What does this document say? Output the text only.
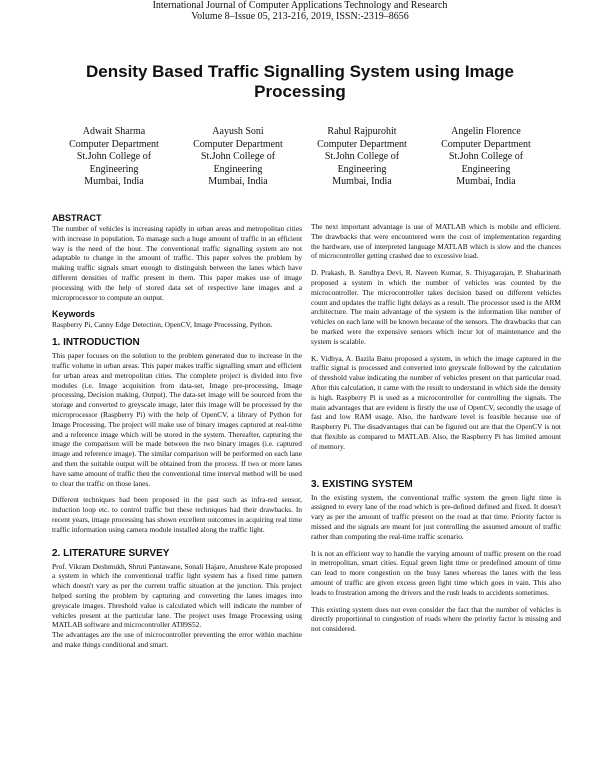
International Journal of Computer Applications Technology and Research
Volume 8–Issue 05, 213-216, 2019, ISSN:-2319–8656
Density Based Traffic Signalling System using Image Processing
Adwait Sharma
Computer Department
St.John College of
Engineering
Mumbai, India
Aayush Soni
Computer Department
St.John College of
Engineering
Mumbai, India
Rahul Rajpurohit
Computer Department
St.John College of
Engineering
Mumbai, India
Angelin Florence
Computer Department
St.John College of
Engineering
Mumbai, India
ABSTRACT

The number of vehicles is increasing rapidly in urban areas and metropolitan cities with increase in population. To manage such a huge amount of traffic in an efficient way is the need of the hour. The conventional traffic signalling system are not adaptable to change in the amount of traffic. This paper solves the problem by making traffic signals smart enough to distinguish between the lanes which have different densities of traffic present in them. This paper makes use of image processing with the help of stored data set of respective lane images and a microprocessor to compute an output.

Keywords

Raspberry Pi, Canny Edge Detection, OpenCV, Image Processing, Python.

1. INTRODUCTION

This paper focuses on the solution to the problem generated due to increase in the traffic volume in urban areas. This paper makes traffic signalling smart and efficient for urban areas and metropolitan cities. The complete project is divided into five modules (i.e. Image acquisition from data-set, Image pre-processing, Image processing, Decision making, Output). The data-set image will be sourced from the storage and converted to greyscale image, later this image will be processed by the microprocessor (Raspberry Pi) with the help of OpenCV, a library of Python for Image Processing. The project will make use of binary images captured at real-time and a reference image which will be stored in the system. Thereafter, capturing the image the comparison will be made between the two binary images (i.e. captured image and reference image). The similar comparison will be performed on each lane and then the suitable output will be obtained from the process. If two or more lanes have same amount of traffic then the conventional time interval method will be used to clear the traffic on those lanes.

Different techniques had been proposed in the past such as infra-red sensor, induction loop etc. to control traffic but these techniques had their drawbacks. In recent years, image processing has shown excellent outcomes in acquiring real time traffic information using camera module installed along the traffic light.

2. LITERATURE SURVEY

Prof. Vikram Deshmukh, Shruti Pantawane, Sonali Hajare, Anushree Kale proposed a system in which the conventional traffic light system has a fixed time pattern which doesn't vary as per the current traffic situation at the junction. This project helped sorting the problem by capturing and converting the lanes images into greyscale images. Threshold value is calculated which will indicate the number of vehicles present at the particular lane. The project uses Image Processing using MATLAB software and microcontroller AT89S52.

The advantages are the use of microcontroller preventing the error within machine and make things conditional and smart.

The next important advantage is use of MATLAB which is mobile and efficient. The drawbacks that were encountered were the cost of implementation regarding the hardware, use of interpreted language MATLAB which is slow and the chances of microcontroller getting crashed due to excessive load.

D. Prakash, B. Sandhya Devi, R. Naveen Kumar, S. Thiyagarajan, P. Shabarinath proposed a system in which the number of vehicles was counted by the microcontroller. The microcontroller takes decision based on different vehicles count and updates the traffic light delays as a result. The processor used is the ARM architecture. The main advantage of the system is the information like number of vehicles on each lane will be known because of the sensors. The drawbacks that can be marked were the expensive sensors which incur lot of maintenance and the system is scalable.

K. Vidhya, A. Bazila Banu proposed a system, in which the image captured in the traffic signal is processed and converted into greyscale followed by the calculation of threshold value indicating the number of vehicles present on that particular road. After this calculation, it came with the result to understand in which side the density is high. Raspberry Pi is used as a microcontroller for controlling the signals. The main advantages that are evident is firstly the use of OpenCV, secondly the usage of fast and low RAM usage. Also, the hardware level is feasible because use of Raspberry Pi. The disadvantages that can be figured out are that the OpenCV is not that flexible as compared to MATLAB. Also, the Raspberry Pi has limited amount of memory.

3. EXISTING SYSTEM

In the existing system, the conventional traffic system the green light time is assigned to every lane of the road which is pre-defined defined and fixed. It doesn't vary as per the amount of traffic present on the road at that time. Priority factor is missed and the signals are meant for just controlling the assumed amount of traffic rather than computing the real-time traffic scenario.

It is not an efficient way to handle the varying amount of traffic present on the road in metropolitan, smart cities. Equal green light time or predefined amount of time can lead to more congestion on the busy lanes whereas the lanes with the less amount of traffic are given excess green light time which goes in vain. This also leads to frustration among the drivers and the rush leads to accidents sometimes.

This existing system does not even consider the fact that the number of vehicles is directly proportional to congestion of roads where the priority factor is missing and not considered.
